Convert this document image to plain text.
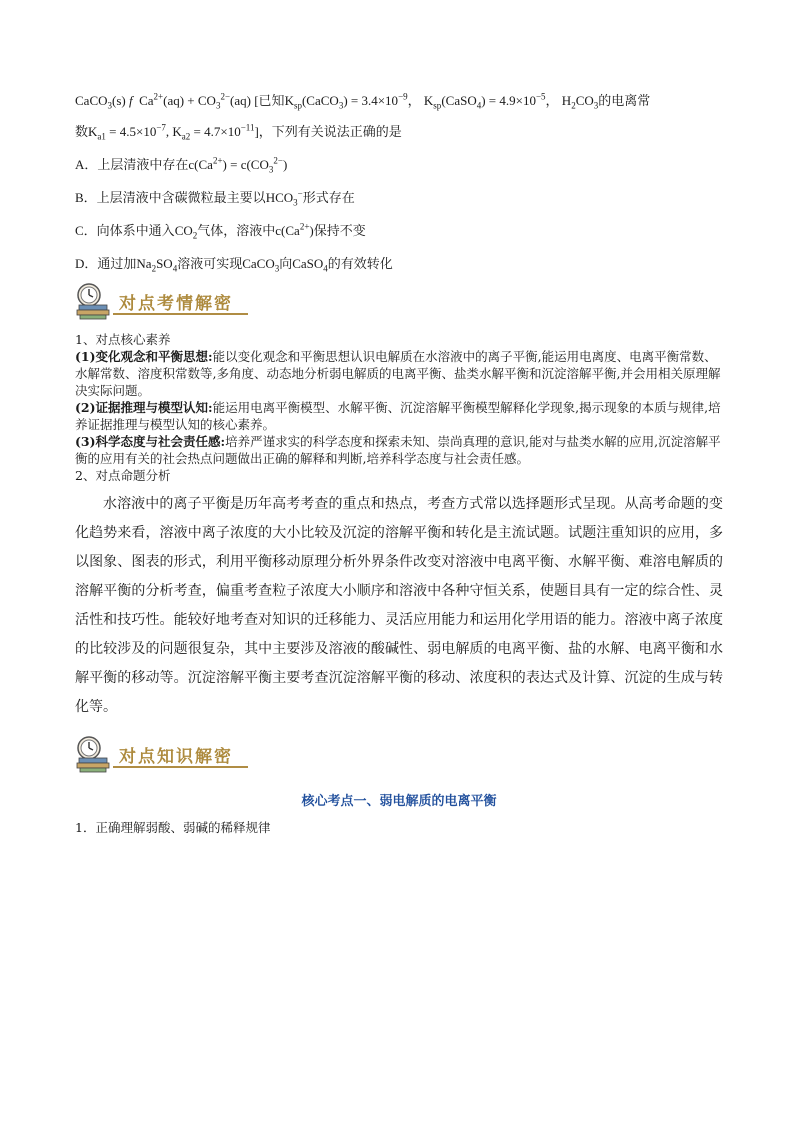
CaCO$_3$(s) f  $Ca^{2+}(aq) + CO_3^{2-}(aq)$ [已知$K_{sp}(CaCO_3) = 3.4\times 10^{-9}$， $K_{sp}(CaSO_4) = 4.9\times 10^{-5}$， $H_2CO_3$的电离常
数$K_{a1} = 4.5\times 10^{-7}$, $K_{a2} = 4.7\times 10^{-11}$]，下列有关说法正确的是
A．上层清液中存在$c(Ca^{2+}) = c(CO_3^{2-})$
B．上层清液中含碳微粒最主要以$HCO_3^-$形式存在
C．向体系中通入$CO_2$气体，溶液中$c(Ca^{2+})$保持不变
D．通过加$Na_2SO_4$溶液可实现CaCO$_3$向CaSO$_4$的有效转化
对点考情解密
1、对点核心素养
(1)变化观念和平衡思想:能以变化观念和平衡思想认识电解质在水溶液中的离子平衡,能运用电离度、电离平衡常数、水解常数、溶度积常数等,多角度、动态地分析弱电解质的电离平衡、盐类水解平衡和沉淀溶解平衡,并会用相关原理解决实际问题。
(2)证据推理与模型认知:能运用电离平衡模型、水解平衡、沉淀溶解平衡模型解释化学现象,揭示现象的本质与规律,培养证据推理与模型认知的核心素养。
(3)科学态度与社会责任感:培养严谨求实的科学态度和探索未知、崇尚真理的意识,能对与盐类水解的应用,沉淀溶解平衡的应用有关的社会热点问题做出正确的解释和判断,培养科学态度与社会责任感。
2、对点命题分析
水溶液中的离子平衡是历年高考考查的重点和热点，考查方式常以选择题形式呈现。从高考命题的变化趋势来看，溶液中离子浓度的大小比较及沉淀的溶解平衡和转化是主流试题。试题注重知识的应用，多以图象、图表的形式，利用平衡移动原理分析外界条件改变对溶液中电离平衡、水解平衡、难溶电解质的溶解平衡的分析考查，偏重考查粒子浓度大小顺序和溶液中各种守恒关系，使题目具有一定的综合性、灵活性和技巧性。能较好地考查对知识的迁移能力、灵活应用能力和运用化学用语的能力。溶液中离子浓度的比较涉及的问题很复杂，其中主要涉及溶液的酸碱性、弱电解质的电离平衡、盐的水解、电离平衡和水解平衡的移动等。沉淀溶解平衡主要考查沉淀溶解平衡的移动、浓度积的表达式及计算、沉淀的生成与转化等。
对点知识解密
核心考点一、弱电解质的电离平衡
1．正确理解弱酸、弱碱的稀释规律
